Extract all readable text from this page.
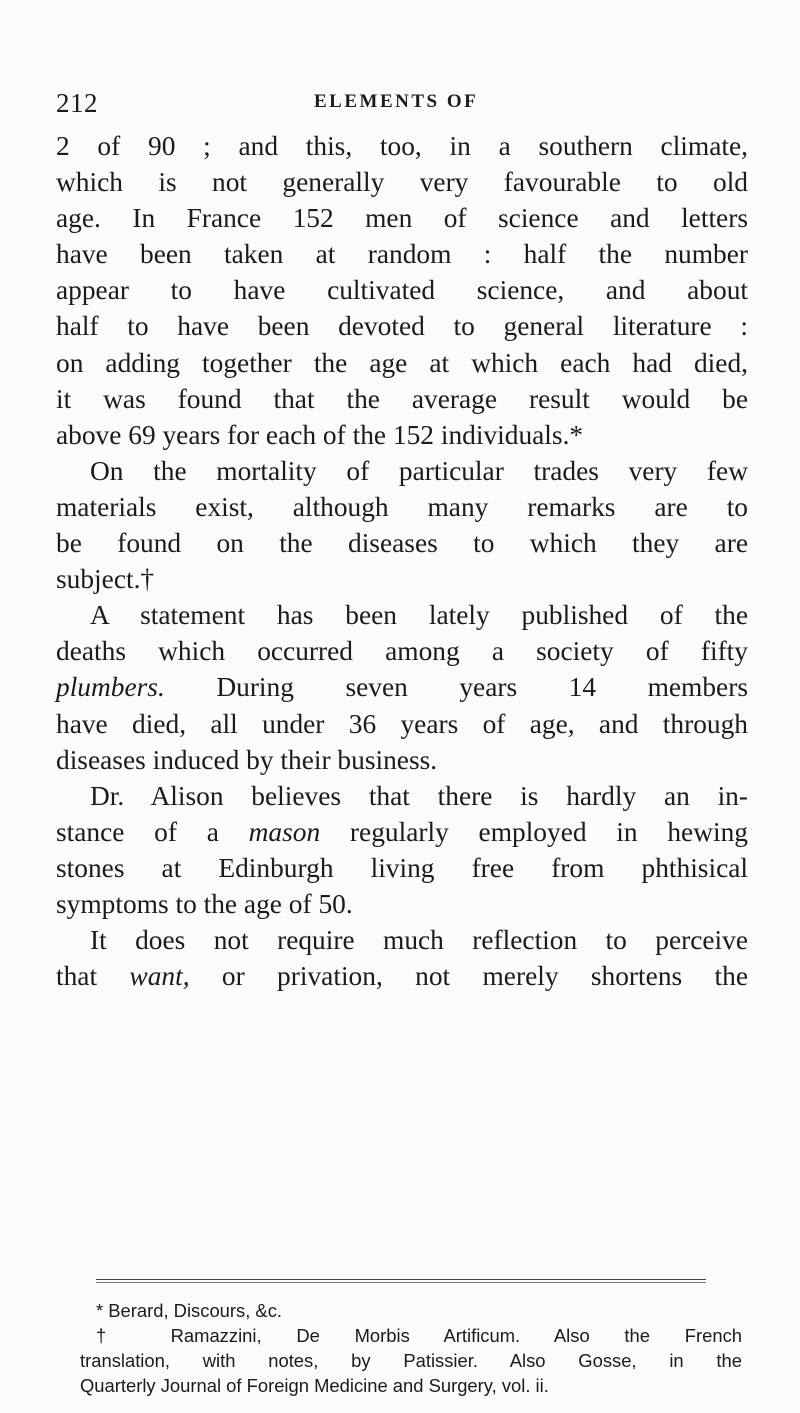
212	ELEMENTS OF
2 of 90 ; and this, too, in a southern climate,
which is not generally very favourable to old
age. In France 152 men of science and letters
have been taken at random : half the number
appear to have cultivated science, and about
half to have been devoted to general literature :
on adding together the age at which each had died,
it was found that the average result would be
above 69 years for each of the 152 individuals.*
On the mortality of particular trades very few
materials exist, although many remarks are to
be found on the diseases to which they are
subject.†
A statement has been lately published of the
deaths which occurred among a society of fifty
plumbers. During seven years 14 members
have died, all under 36 years of age, and through
diseases induced by their business.
Dr. Alison believes that there is hardly an in-
stance of a mason regularly employed in hewing
stones at Edinburgh living free from phthisical
symptoms to the age of 50.
It does not require much reflection to perceive
that want, or privation, not merely shortens the
* Berard, Discours, &c.
† Ramazzini, De Morbis Artificum. Also the French
translation, with notes, by Patissier. Also Gosse, in the
Quarterly Journal of Foreign Medicine and Surgery, vol. ii.
